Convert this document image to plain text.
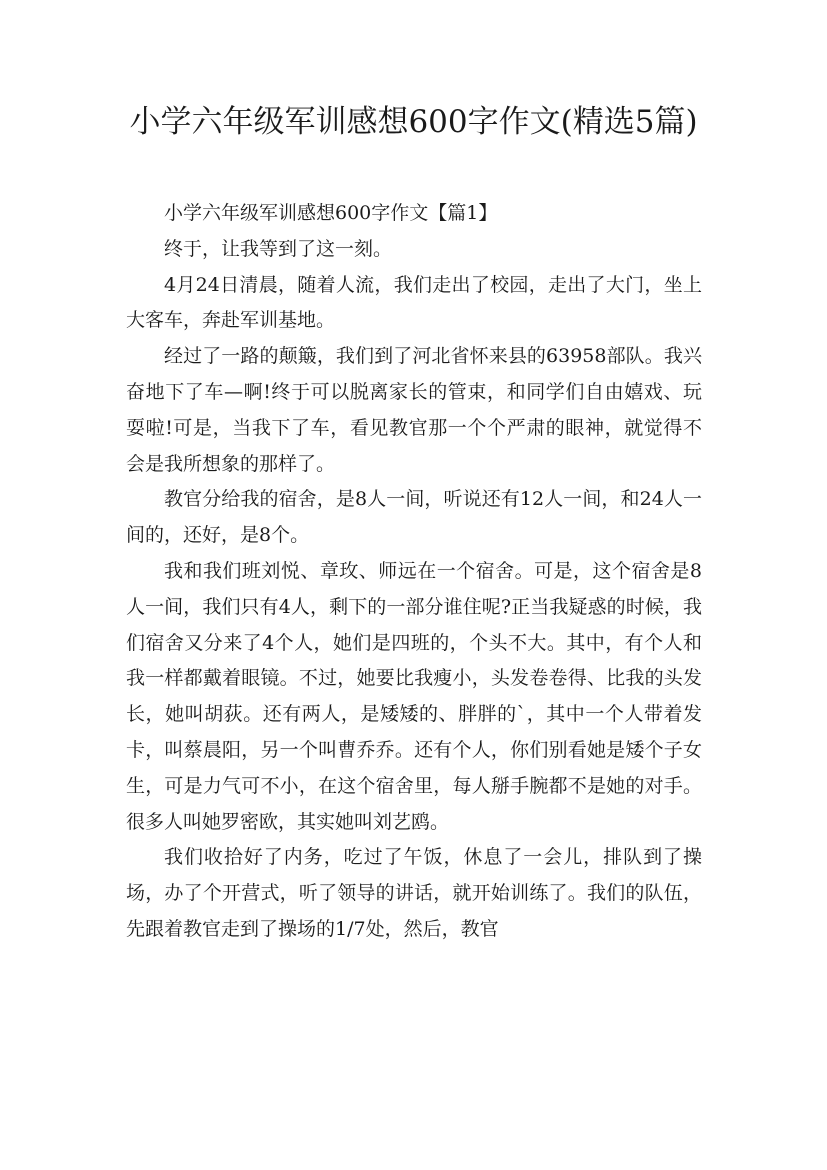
小学六年级军训感想600字作文(精选5篇)

小学六年级军训感想600字作文【篇1】

终于，让我等到了这一刻。

4月24日清晨，随着人流，我们走出了校园，走出了大门，坐上大客车，奔赴军训基地。

经过了一路的颠簸，我们到了河北省怀来县的63958部队。我兴奋地下了车—啊!终于可以脱离家长的管束，和同学们自由嬉戏、玩耍啦!可是，当我下了车，看见教官那一个个严肃的眼神，就觉得不会是我所想象的那样了。

教官分给我的宿舍，是8人一间，听说还有12人一间，和24人一间的，还好，是8个。

我和我们班刘悦、章玫、师远在一个宿舍。可是，这个宿舍是8人一间，我们只有4人，剩下的一部分谁住呢?正当我疑惑的时候，我们宿舍又分来了4个人，她们是四班的，个头不大。其中，有个人和我一样都戴着眼镜。不过，她要比我瘦小，头发卷卷得、比我的头发长，她叫胡荻。还有两人，是矮矮的、胖胖的`，其中一个人带着发卡，叫蔡晨阳，另一个叫曹乔乔。还有个人，你们别看她是矮个子女生，可是力气可不小，在这个宿舍里，每人掰手腕都不是她的对手。很多人叫她罗密欧，其实她叫刘艺鸥。

我们收拾好了内务，吃过了午饭，休息了一会儿，排队到了操场，办了个开营式，听了领导的讲话，就开始训练了。我们的队伍，先跟着教官走到了操场的1/7处，然后，教官
